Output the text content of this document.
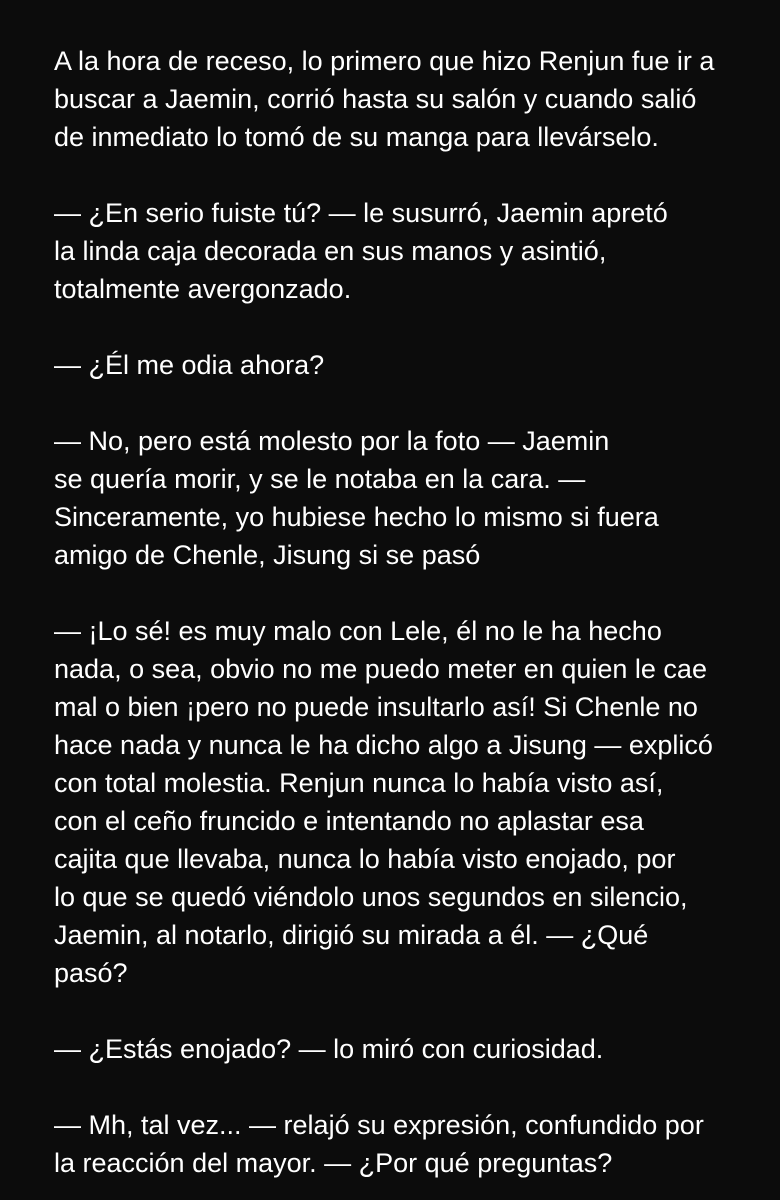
A la hora de receso, lo primero que hizo Renjun fue ir a
buscar a Jaemin, corrió hasta su salón y cuando salió
de inmediato lo tomó de su manga para llevárselo.
— ¿En serio fuiste tú? — le susurró, Jaemin apretó
la linda caja decorada en sus manos y asintió,
totalmente avergonzado.
— ¿Él me odia ahora?
— No, pero está molesto por la foto — Jaemin
se quería morir, y se le notaba en la cara. —
Sinceramente, yo hubiese hecho lo mismo si fuera
amigo de Chenle, Jisung si se pasó
— ¡Lo sé! es muy malo con Lele, él no le ha hecho
nada, o sea, obvio no me puedo meter en quien le cae
mal o bien ¡pero no puede insultarlo así! Si Chenle no
hace nada y nunca le ha dicho algo a Jisung — explicó
con total molestia. Renjun nunca lo había visto así,
con el ceño fruncido e intentando no aplastar esa
cajita que llevaba, nunca lo había visto enojado, por
lo que se quedó viéndolo unos segundos en silencio,
Jaemin, al notarlo, dirigió su mirada a él. — ¿Qué
pasó?
— ¿Estás enojado? — lo miró con curiosidad.
— Mh, tal vez... — relajó su expresión, confundido por
la reacción del mayor. — ¿Por qué preguntas?
